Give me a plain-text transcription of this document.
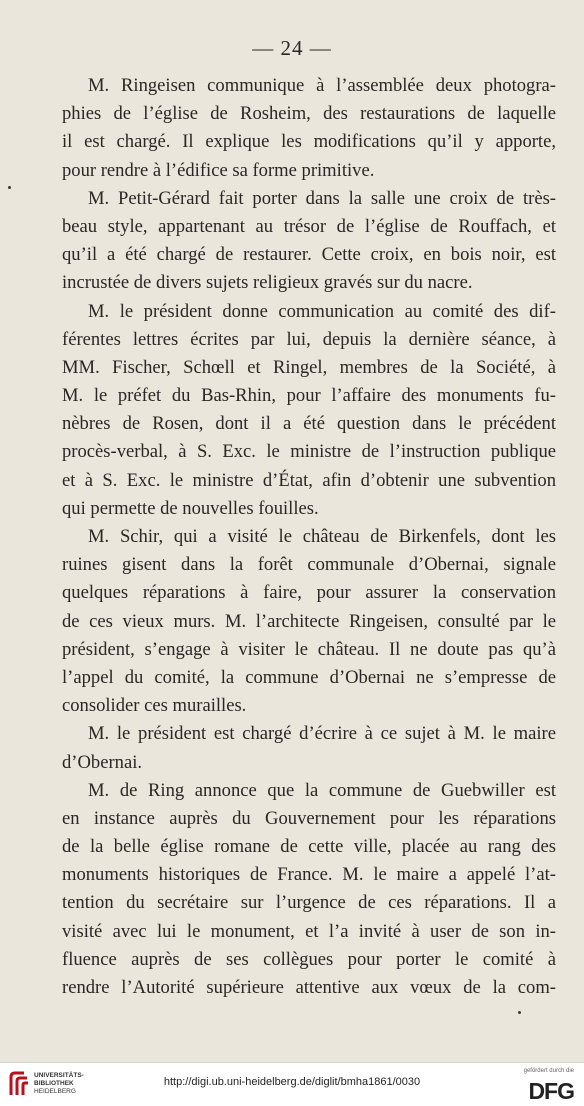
— 24 —

M. Ringeisen communique à l’assemblée deux photogra-
phies de l’église de Rosheim, des restaurations de laquelle
il est chargé. Il explique les modifications qu’il y apporte,
pour rendre à l’édifice sa forme primitive.

M. Petit-Gérard fait porter dans la salle une croix de très-
beau style, appartenant au trésor de l’église de Rouffach, et
qu’il a été chargé de restaurer. Cette croix, en bois noir, est
incrustée de divers sujets religieux gravés sur du nacre.

M. le président donne communication au comité des dif-
férentes lettres écrites par lui, depuis la dernière séance, à
MM. Fischer, Schœll et Ringel, membres de la Société, à
M. le préfet du Bas-Rhin, pour l’affaire des monuments fu-
nèbres de Rosen, dont il a été question dans le précédent
procès-verbal, à S. Exc. le ministre de l’instruction publique
et à S. Exc. le ministre d’État, afin d’obtenir une subvention
qui permette de nouvelles fouilles.

M. Schir, qui a visité le château de Birkenfels, dont les
ruines gisent dans la forêt communale d’Obernai, signale
quelques réparations à faire, pour assurer la conservation
de ces vieux murs. M. l’architecte Ringeisen, consulté par le
président, s’engage à visiter le château. Il ne doute pas qu’à
l’appel du comité, la commune d’Obernai ne s’empresse de
consolider ces murailles.

M. le président est chargé d’écrire à ce sujet à M. le maire
d’Obernai.

M. de Ring annonce que la commune de Guebwiller est
en instance auprès du Gouvernement pour les réparations
de la belle église romane de cette ville, placée au rang des
monuments historiques de France. M. le maire a appelé l’at-
tention du secrétaire sur l’urgence de ces réparations. Il a
visité avec lui le monument, et l’a invité à user de son in-
fluence auprès de ses collègues pour porter le comité à
rendre l’Autorité supérieure attentive aux vœux de la com-

UNIVERSITÄTS-
BIBLIOTHEK
HEIDELBERG
http://digi.ub.uni-heidelberg.de/diglit/bmha1861/0030
gefördert durch die
DFG
